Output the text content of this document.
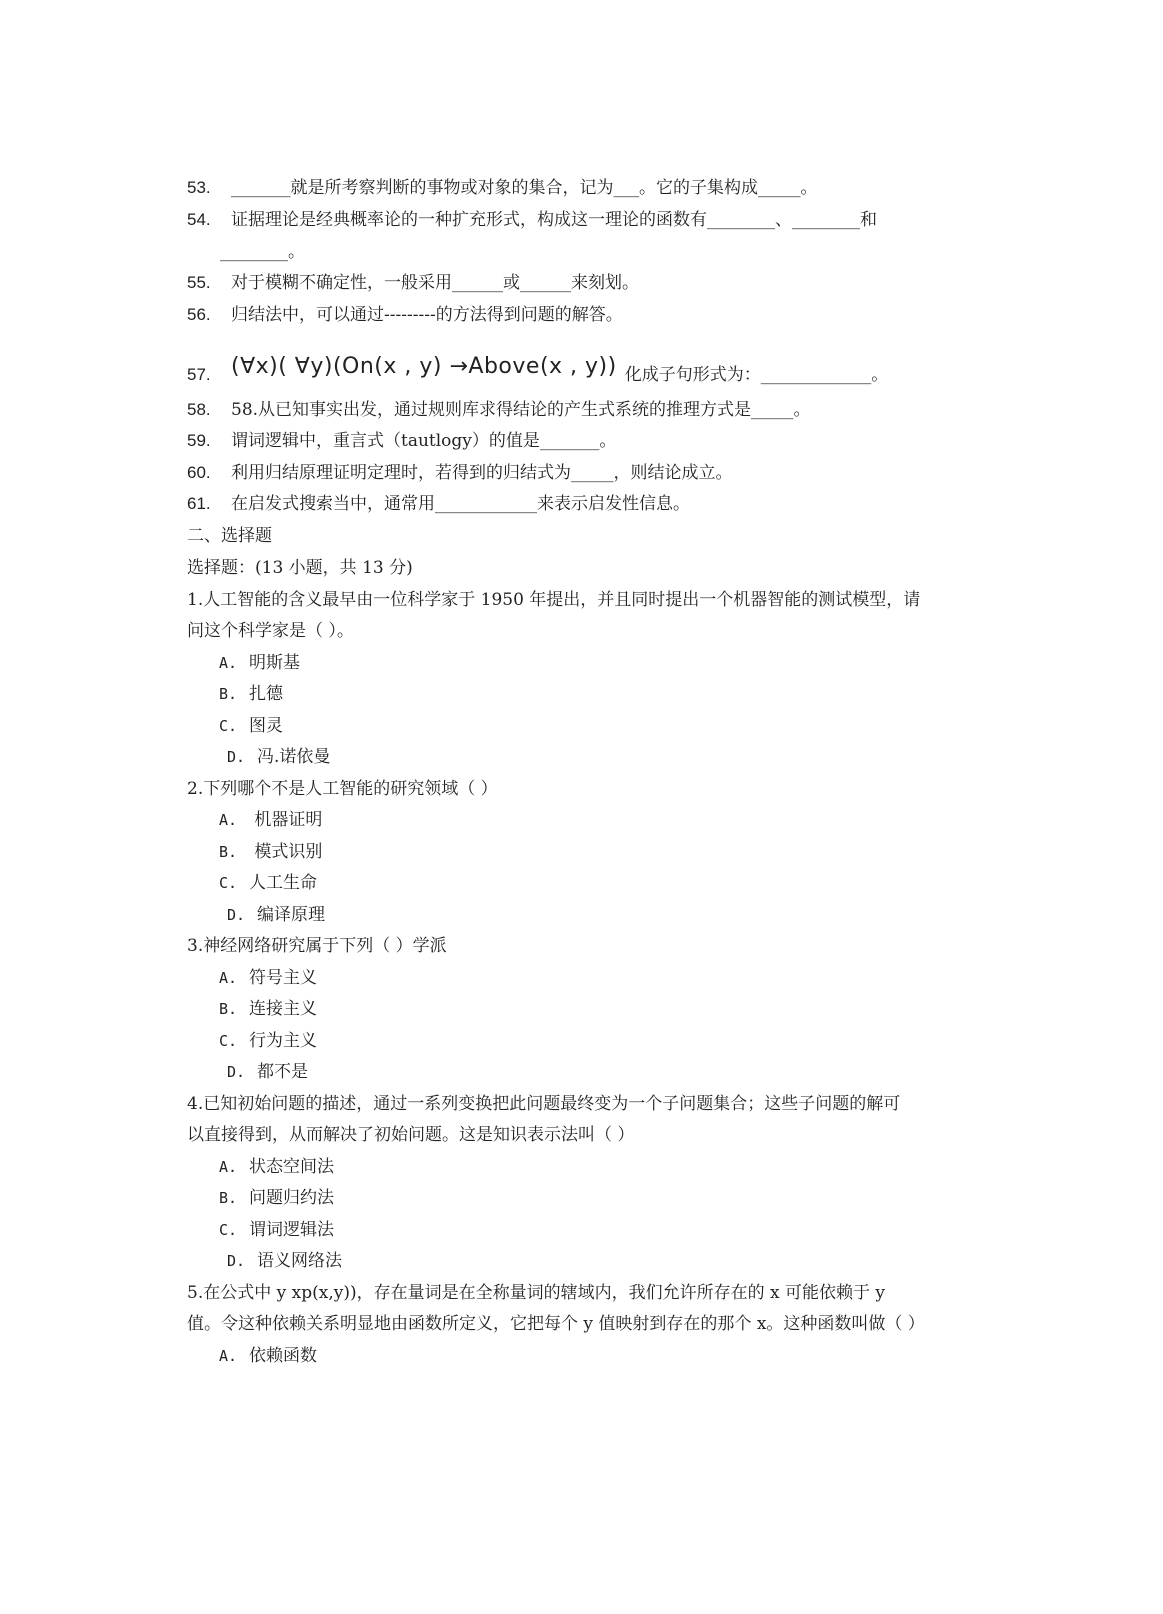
53. _______就是所考察判断的事物或对象的集合，记为___。它的子集构成_____。
54. 证据理论是经典概率论的一种扩充形式，构成这一理论的函数有________、________和
________。
55. 对于模糊不确定性，一般采用______或______来刻划。
56. 归结法中，可以通过---------的方法得到问题的解答。
57. (∀x)( ∀y)(On(x , y) →Above(x , y)) 化成子句形式为：_____________。
58. 58.从已知事实出发，通过规则库求得结论的产生式系统的推理方式是_____。
59. 谓词逻辑中，重言式（tautlogy）的值是_______。
60. 利用归结原理证明定理时，若得到的归结式为_____，则结论成立。
61. 在启发式搜索当中，通常用____________来表示启发性信息。
二、选择题
选择题：(13 小题，共 13 分)
1.人工智能的含义最早由一位科学家于 1950 年提出，并且同时提出一个机器智能的测试模型，请
问这个科学家是（ ）。
A. 明斯基
B. 扎德
C. 图灵
D. 冯.诺依曼
2.下列哪个不是人工智能的研究领域（ ）
A. 机器证明
B. 模式识别
C. 人工生命
D. 编译原理
3.神经网络研究属于下列（ ）学派
A. 符号主义
B. 连接主义
C. 行为主义
D. 都不是
4.已知初始问题的描述，通过一系列变换把此问题最终变为一个子问题集合；这些子问题的解可
以直接得到，从而解决了初始问题。这是知识表示法叫（ ）
A. 状态空间法
B. 问题归约法
C. 谓词逻辑法
D. 语义网络法
5.在公式中 y xp(x,y))，存在量词是在全称量词的辖域内，我们允许所存在的 x 可能依赖于 y
值。令这种依赖关系明显地由函数所定义，它把每个 y 值映射到存在的那个 x。这种函数叫做（ ）
A. 依赖函数
